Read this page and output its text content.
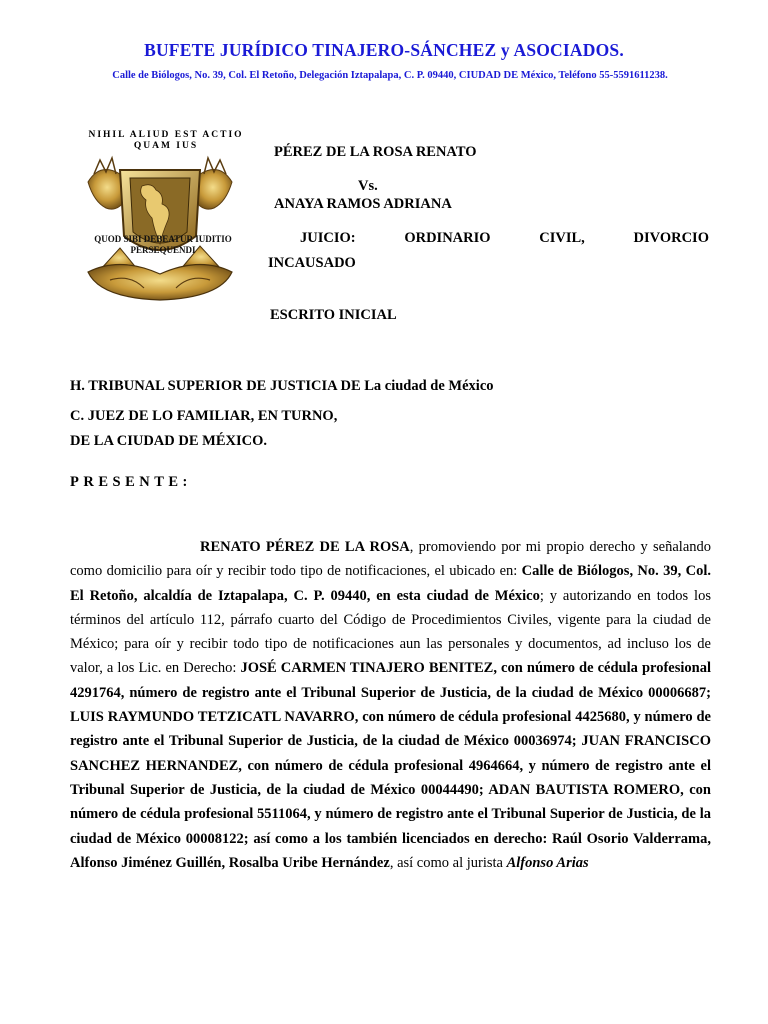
BUFETE JURÍDICO TINAJERO-SÁNCHEZ y ASOCIADOS.
Calle de Biólogos, No. 39, Col. El Retoño, Delegación Iztapalapa, C. P. 09440, CIUDAD DE México, Teléfono 55-5591611238.
NIHIL ALIUD EST ACTIO QUAM IUS
QUOD SIBI DEBEATUR IUDITIO PERSEQUENDI
PÉREZ DE LA ROSA RENATO
Vs.
ANAYA RAMOS ADRIANA
JUICIO:	ORDINARIO	CIVIL,	DIVORCIO
INCAUSADO
ESCRITO INICIAL
H. TRIBUNAL SUPERIOR DE JUSTICIA DE La ciudad de México
C. JUEZ DE LO FAMILIAR, EN TURNO,
DE LA CIUDAD DE MÉXICO.
PRESENTE:
RENATO PÉREZ DE LA ROSA, promoviendo por mi propio derecho y señalando como domicilio para oír y recibir todo tipo de notificaciones, el ubicado en: Calle de Biólogos, No. 39, Col. El Retoño, alcaldía de Iztapalapa, C. P. 09440, en esta ciudad de México; y autorizando en todos los términos del artículo 112, párrafo cuarto del Código de Procedimientos Civiles, vigente para la ciudad de México; para oír y recibir todo tipo de notificaciones aun las personales y documentos, ad incluso los de valor, a los Lic. en Derecho: JOSÉ CARMEN TINAJERO BENITEZ, con número de cédula profesional 4291764, número de registro ante el Tribunal Superior de Justicia, de la ciudad de México 00006687; LUIS RAYMUNDO TETZICATL NAVARRO, con número de cédula profesional 4425680, y número de registro ante el Tribunal Superior de Justicia, de la ciudad de México 00036974; JUAN FRANCISCO SANCHEZ HERNANDEZ, con número de cédula profesional 4964664, y número de registro ante el Tribunal Superior de Justicia, de la ciudad de México 00044490; ADAN BAUTISTA ROMERO, con número de cédula profesional 5511064, y número de registro ante el Tribunal Superior de Justicia, de la ciudad de México 00008122; así como a los también licenciados en derecho: Raúl Osorio Valderrama, Alfonso Jiménez Guillén, Rosalba Uribe Hernández, así como al jurista Alfonso Arias
